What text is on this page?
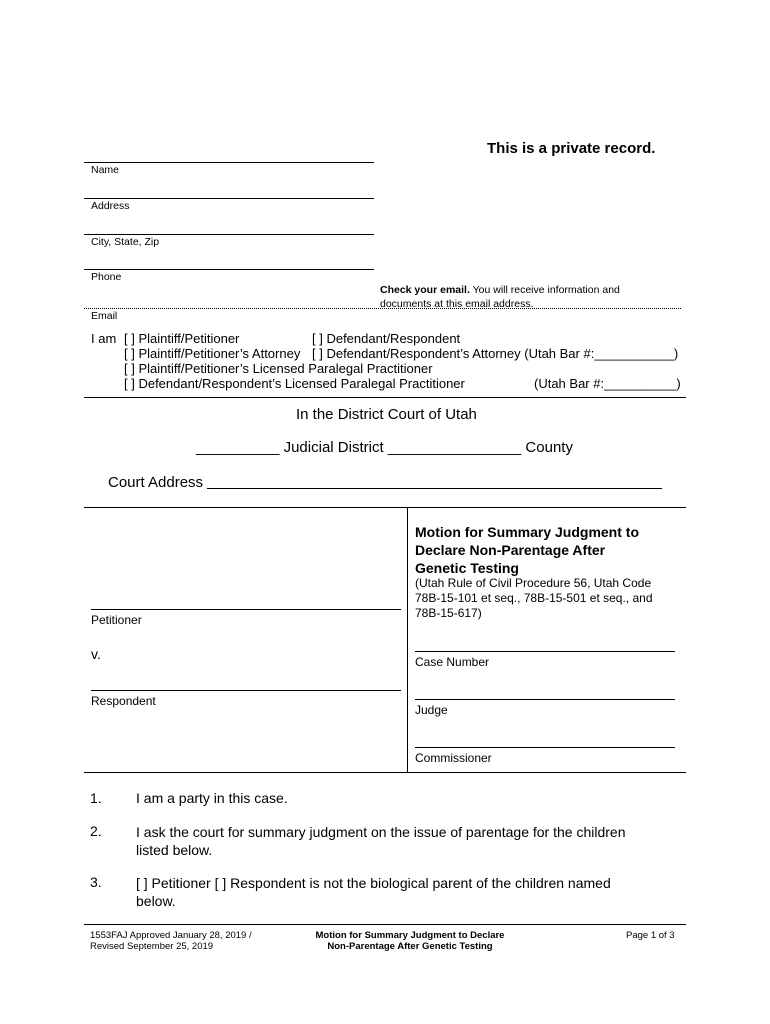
This is a private record.
Name
Address
City, State, Zip
Phone
Check your email. You will receive information and
documents at this email address.
Email
I am [ ] Plaintiff/Petitioner	[ ] Defendant/Respondent
[ ] Plaintiff/Petitioner’s Attorney [ ] Defendant/Respondent’s Attorney (Utah Bar #:___________)
[ ] Plaintiff/Petitioner’s Licensed Paralegal Practitioner
[ ] Defendant/Respondent’s Licensed Paralegal Practitioner	(Utah Bar #:__________)
In the District Court of Utah
__________ Judicial District ________________ County
Court Address
Petitioner
v.
Respondent
Motion for Summary Judgment to
Declare Non-Parentage After
Genetic Testing
(Utah Rule of Civil Procedure 56, Utah Code
78B-15-101 et seq., 78B-15-501 et seq., and
78B-15-617)
Case Number
Judge
Commissioner
1. I am a party in this case.
2. I ask the court for summary judgment on the issue of parentage for the children
listed below.
3. [ ] Petitioner [ ] Respondent is not the biological parent of the children named
below.
1553FAJ Approved January 28, 2019 /
Revised September 25, 2019
Motion for Summary Judgment to Declare
Non-Parentage After Genetic Testing
Page 1 of 3
